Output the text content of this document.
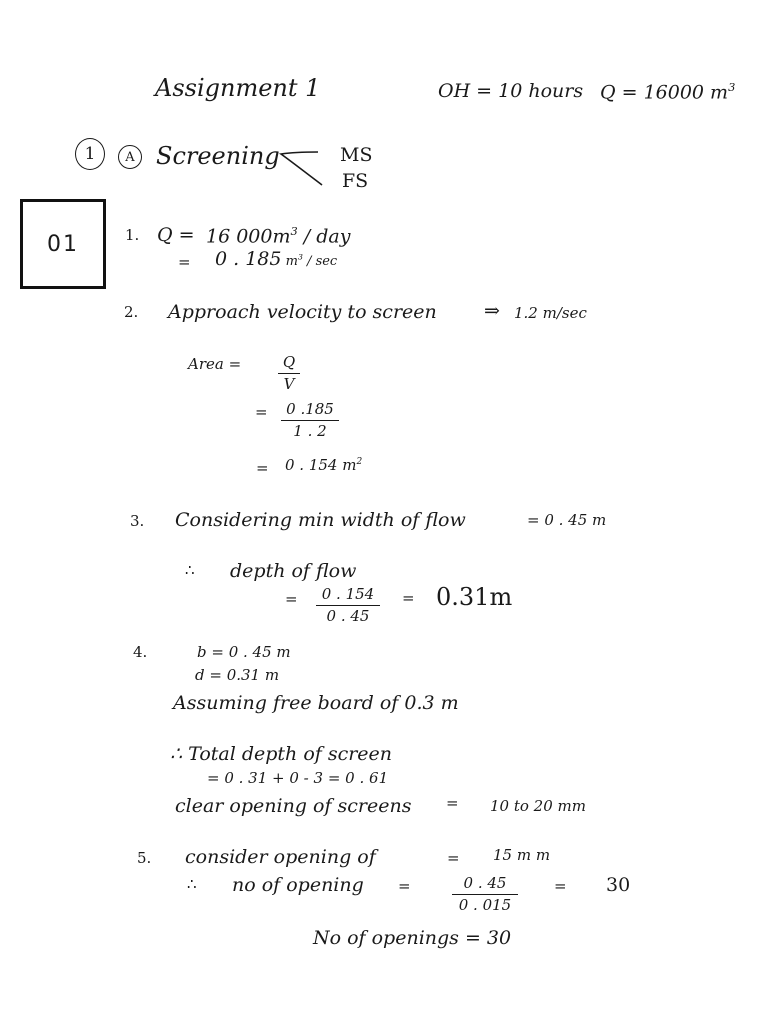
Assignment 1	OH = 10 hours Q = 16000 $m^3$
1	A Screening	MS
FS
01	1. Q = 16 $000m^3$ / day
= 0 . 185 $m^3$ / sec
2. Approach velocity to screen ⇒ 1.2 m/sec
Area =	Q
V
=	0 .185
1 . 2
= 0 . 154 $m^2$
3. Considering min width of flow	= 0 . 45 m
∴ depth of flow
=	0 . 154
0 . 45
= 0.31m
4.	b = 0 . 45 m
d = 0.31 m
Assuming free board of 0.3 m
∴ Total depth of screen
= 0 . 31 + 0 - 3 = 0 . 61
clear opening of screens = 10 to 20 mm
5. consider opening of	= 15 m m
∴ no of opening =	0 . 45
0 . 015
= 30
No of openings = 30
